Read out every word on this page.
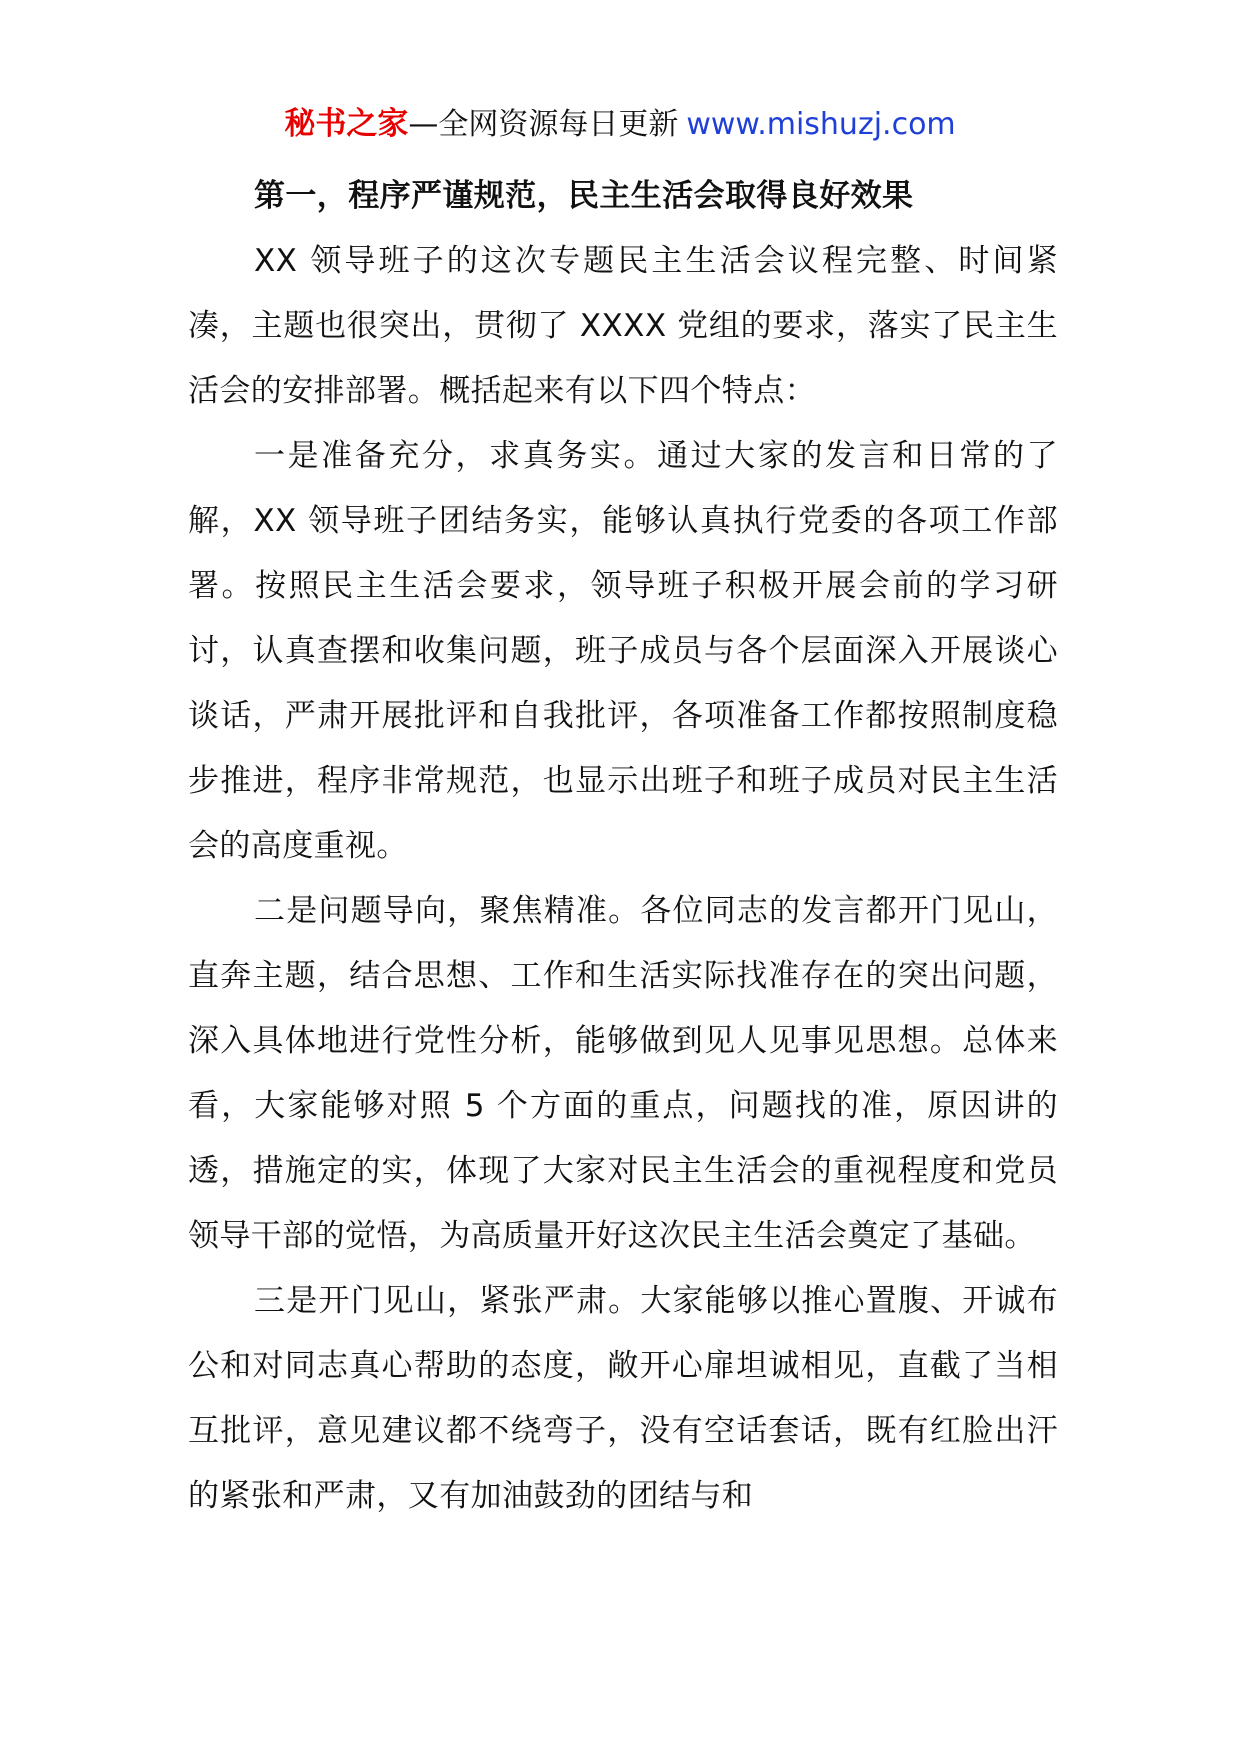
秘书之家—全网资源每日更新 www.mishuzj.com

第一，程序严谨规范，民主生活会取得良好效果

XX 领导班子的这次专题民主生活会议程完整、时间紧凑，主题也很突出，贯彻了 XXXX 党组的要求，落实了民主生活会的安排部署。概括起来有以下四个特点：

一是准备充分，求真务实。通过大家的发言和日常的了解，XX 领导班子团结务实，能够认真执行党委的各项工作部署。按照民主生活会要求，领导班子积极开展会前的学习研讨，认真查摆和收集问题，班子成员与各个层面深入开展谈心谈话，严肃开展批评和自我批评，各项准备工作都按照制度稳步推进，程序非常规范，也显示出班子和班子成员对民主生活会的高度重视。

二是问题导向，聚焦精准。各位同志的发言都开门见山，直奔主题，结合思想、工作和生活实际找准存在的突出问题，深入具体地进行党性分析，能够做到见人见事见思想。总体来看，大家能够对照 5 个方面的重点，问题找的准，原因讲的透，措施定的实，体现了大家对民主生活会的重视程度和党员领导干部的觉悟，为高质量开好这次民主生活会奠定了基础。

三是开门见山，紧张严肃。大家能够以推心置腹、开诚布公和对同志真心帮助的态度，敞开心扉坦诚相见，直截了当相互批评，意见建议都不绕弯子，没有空话套话，既有红脸出汗的紧张和严肃，又有加油鼓劲的团结与和
